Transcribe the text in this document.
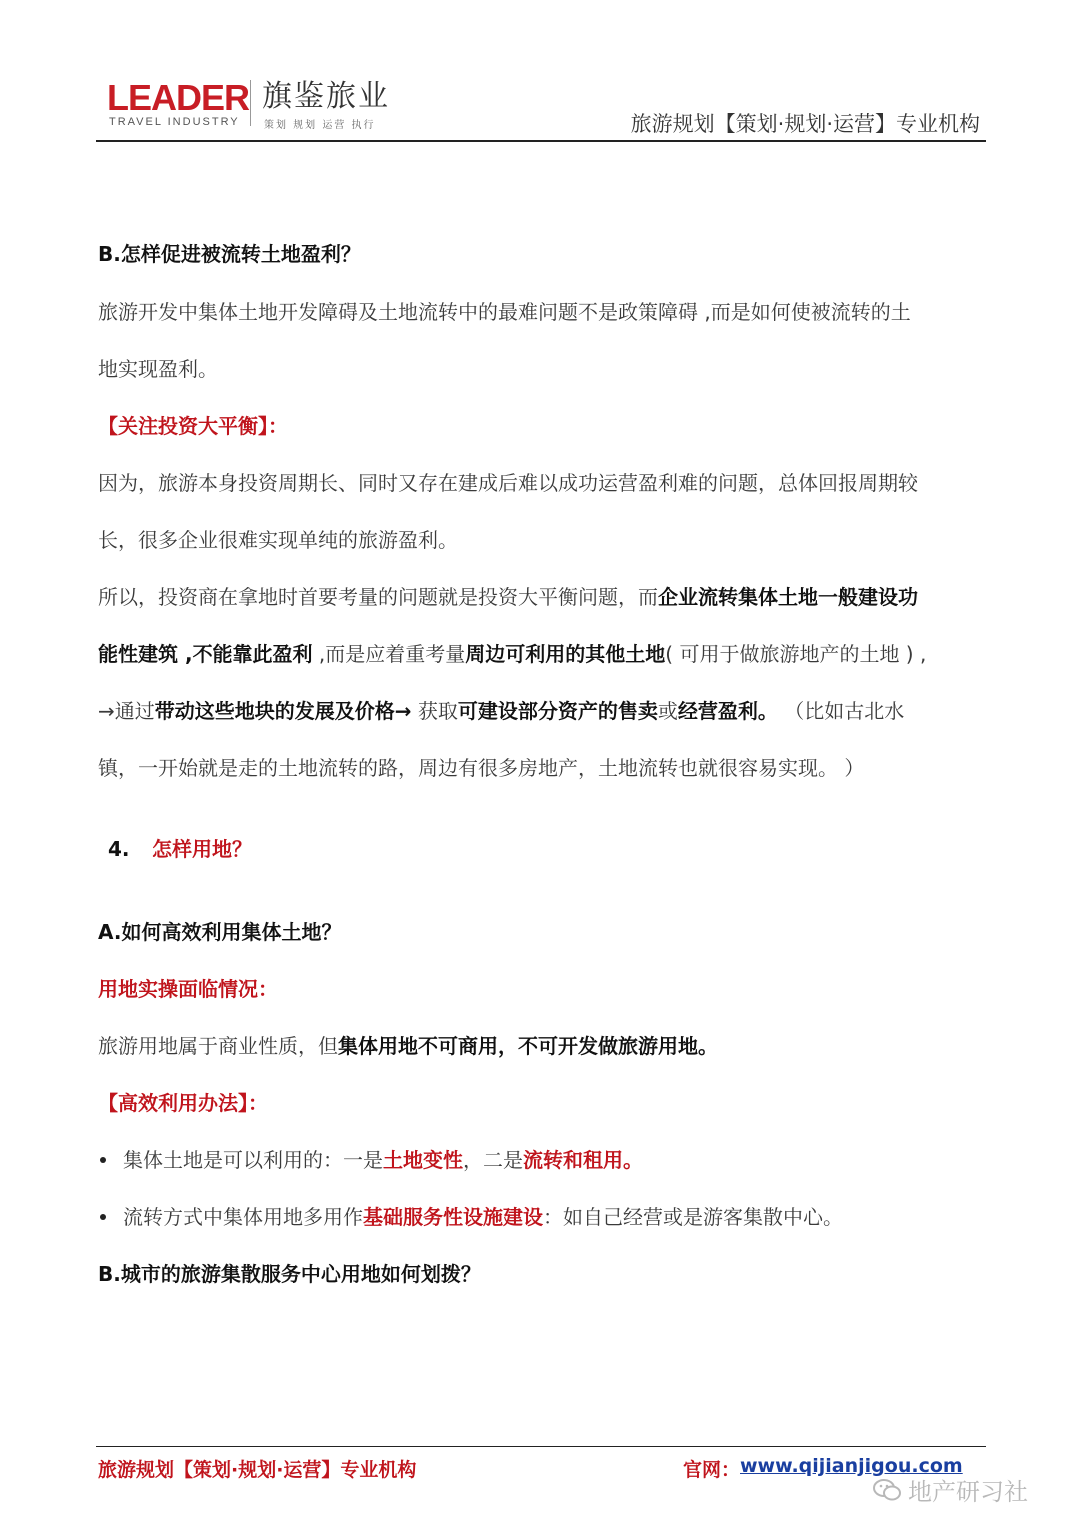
LEADER
TRAVEL INDUSTRY
旗鉴旅业
策划 规划 运营 执行	旅游规划【策划·规划·运营】专业机构
B.怎样促进被流转土地盈利？
旅游开发中集体土地开发障碍及土地流转中的最难问题不是政策障碍 ,而是如何使被流转的土
地实现盈利。
【关注投资大平衡】：
因为，旅游本身投资周期长、同时又存在建成后难以成功运营盈利难的问题，总体回报周期较
长，很多企业很难实现单纯的旅游盈利。
所以，投资商在拿地时首要考量的问题就是投资大平衡问题，而企业流转集体土地一般建设功
能性建筑 ,不能靠此盈利 ,而是应着重考量周边可利用的其他土地( 可用于做旅游地产的土地 ) ,
→通过带动这些地块的发展及价格→ 获取可建设部分资产的售卖或经营盈利。 （比如古北水
镇，一开始就是走的土地流转的路，周边有很多房地产，土地流转也就很容易实现。 ）
4. 怎样用地？
A.如何高效利用集体土地？
用地实操面临情况：
旅游用地属于商业性质，但集体用地不可商用，不可开发做旅游用地。
【高效利用办法】：
集体土地是可以利用的：一是土地变性，二是流转和租用。
流转方式中集体用地多用作基础服务性设施建设：如自己经营或是游客集散中心。
B.城市的旅游集散服务中心用地如何划拨？
旅游规划【策划·规划·运营】专业机构	官网： www.qijianjigou.com
地产研习社
